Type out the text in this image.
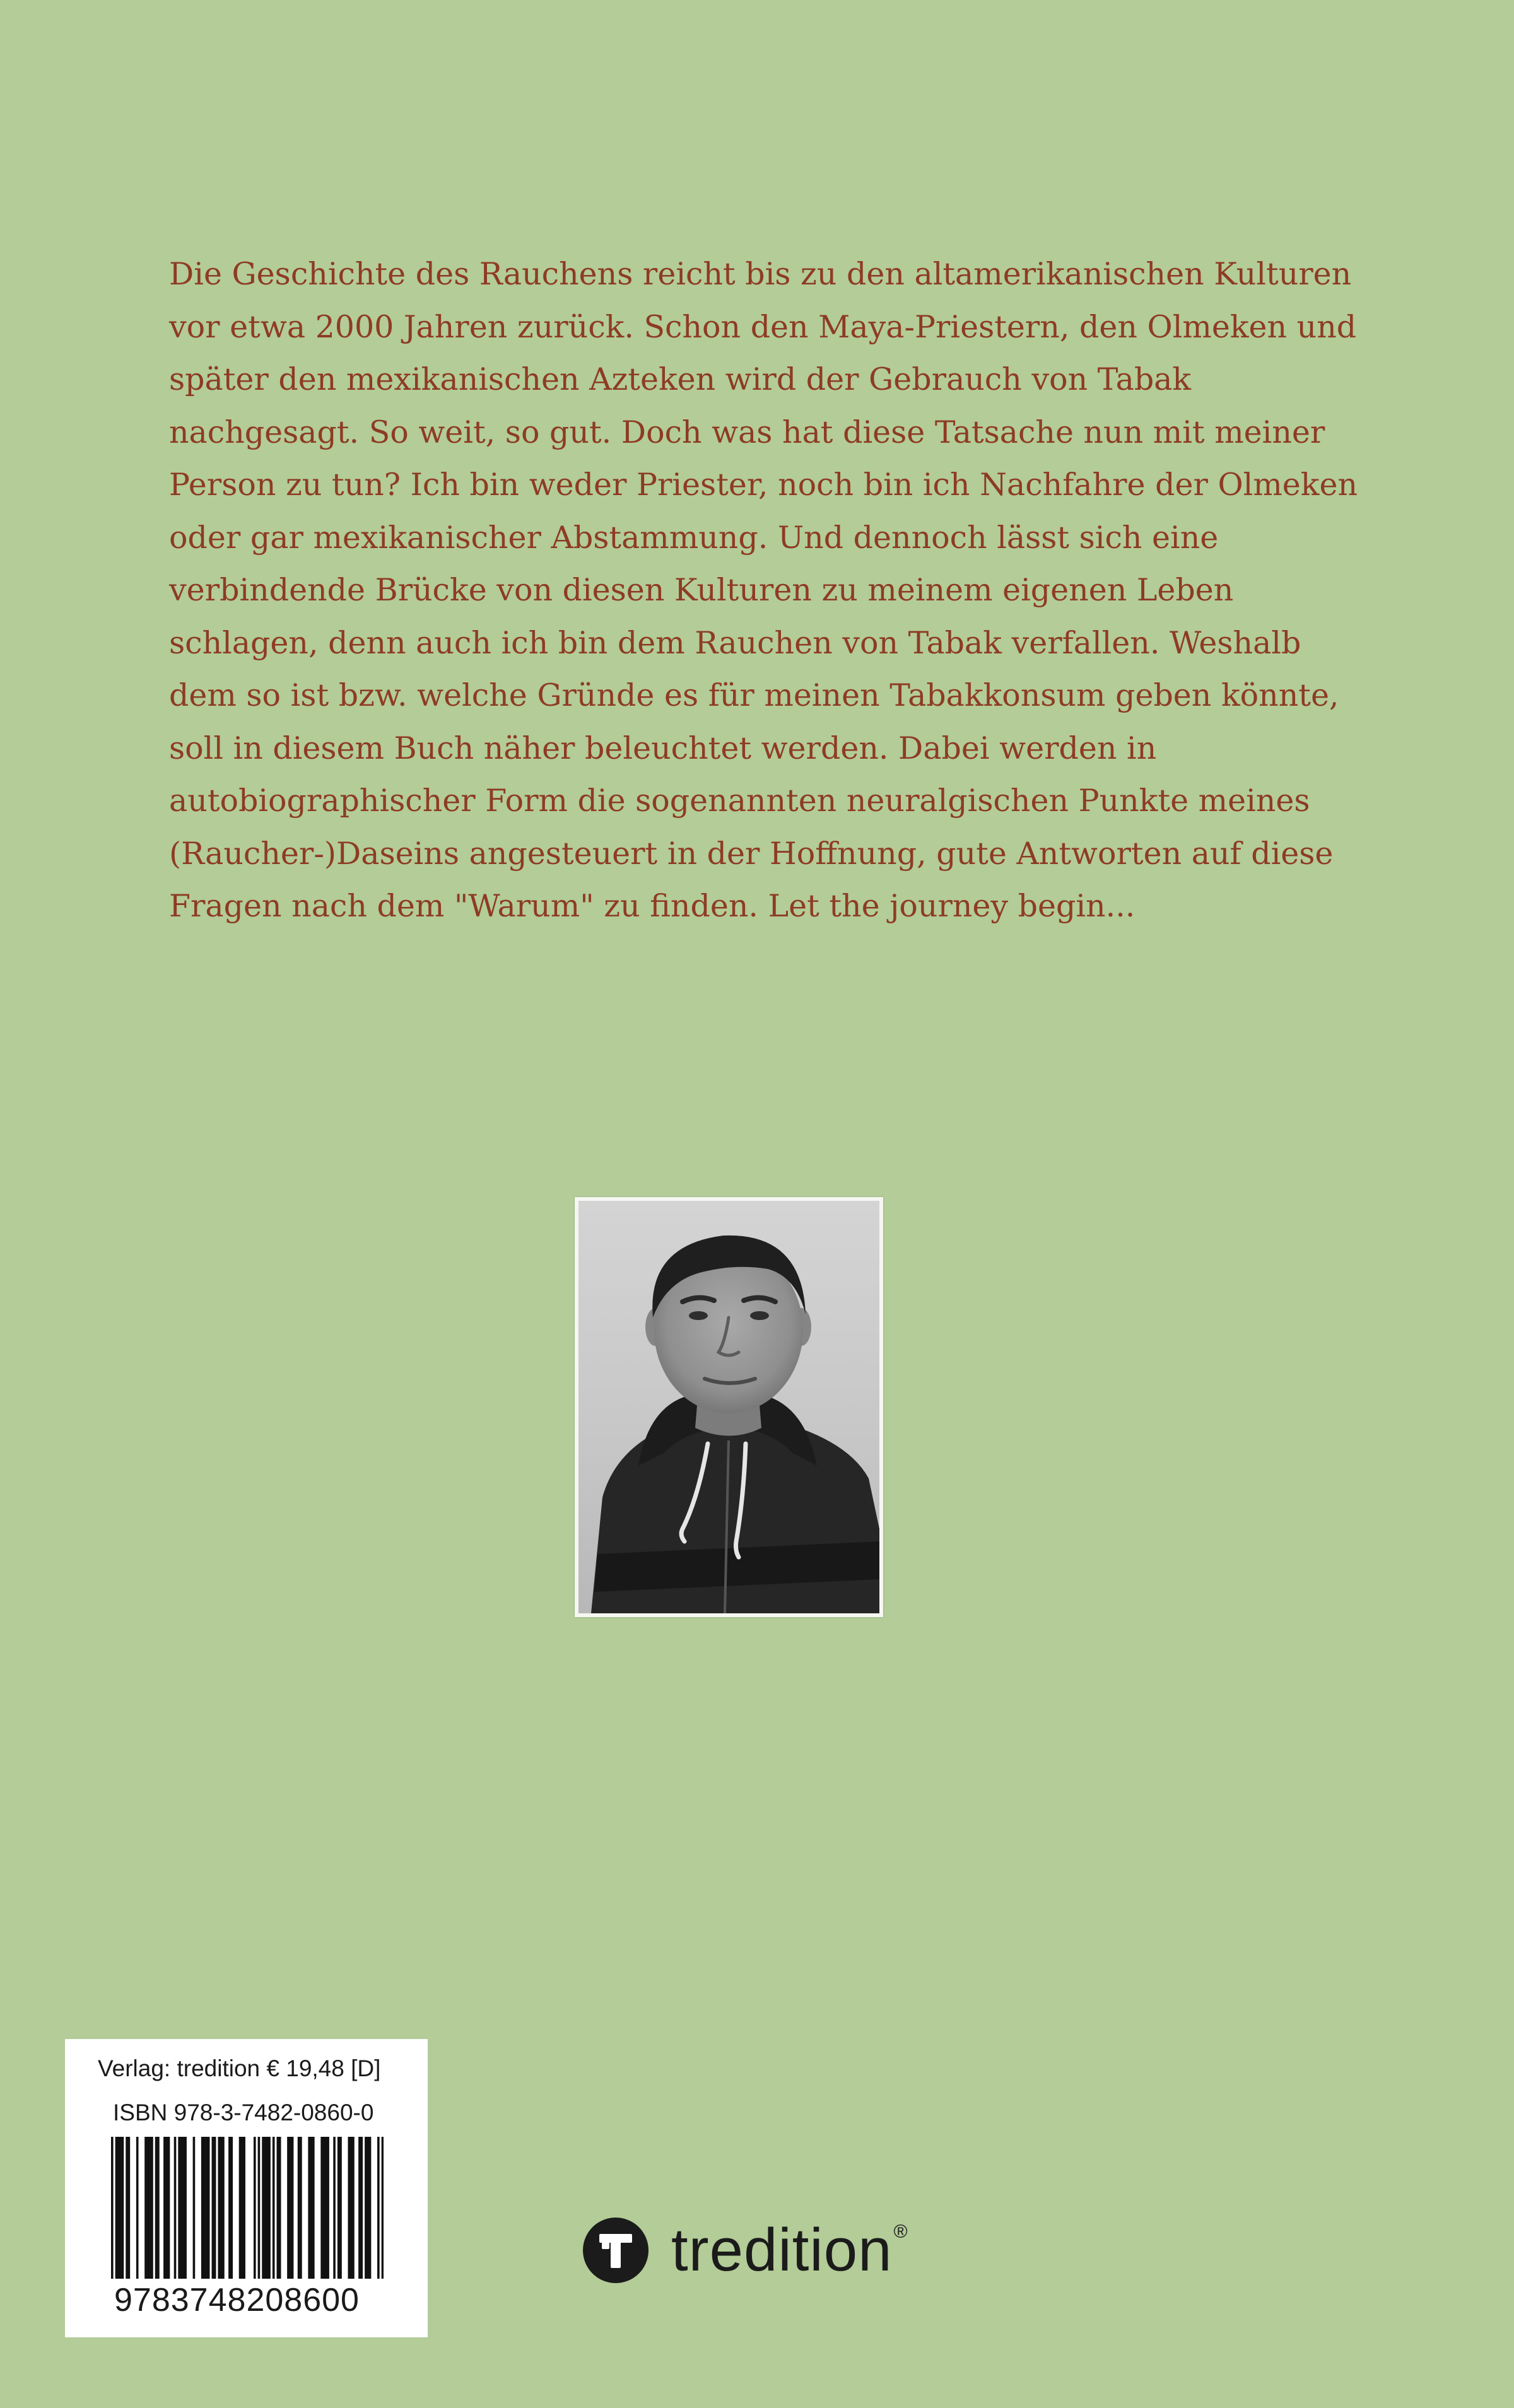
Die Geschichte des Rauchens reicht bis zu den altamerikanischen Kulturen
vor etwa 2000 Jahren zurück. Schon den Maya-Priestern, den Olmeken und
später den mexikanischen Azteken wird der Gebrauch von Tabak
nachgesagt. So weit, so gut. Doch was hat diese Tatsache nun mit meiner
Person zu tun? Ich bin weder Priester, noch bin ich Nachfahre der Olmeken
oder gar mexikanischer Abstammung. Und dennoch lässt sich eine
verbindende Brücke von diesen Kulturen zu meinem eigenen Leben
schlagen, denn auch ich bin dem Rauchen von Tabak verfallen. Weshalb
dem so ist bzw. welche Gründe es für meinen Tabakkonsum geben könnte,
soll in diesem Buch näher beleuchtet werden. Dabei werden in
autobiographischer Form die sogenannten neuralgischen Punkte meines
(Raucher-)Daseins angesteuert in der Hoffnung, gute Antworten auf diese
Fragen nach dem "Warum" zu finden. Let the journey begin...

Verlag: tredition € 19,48 [D]
ISBN 978-3-7482-0860-0
9783748208600
tredition®
